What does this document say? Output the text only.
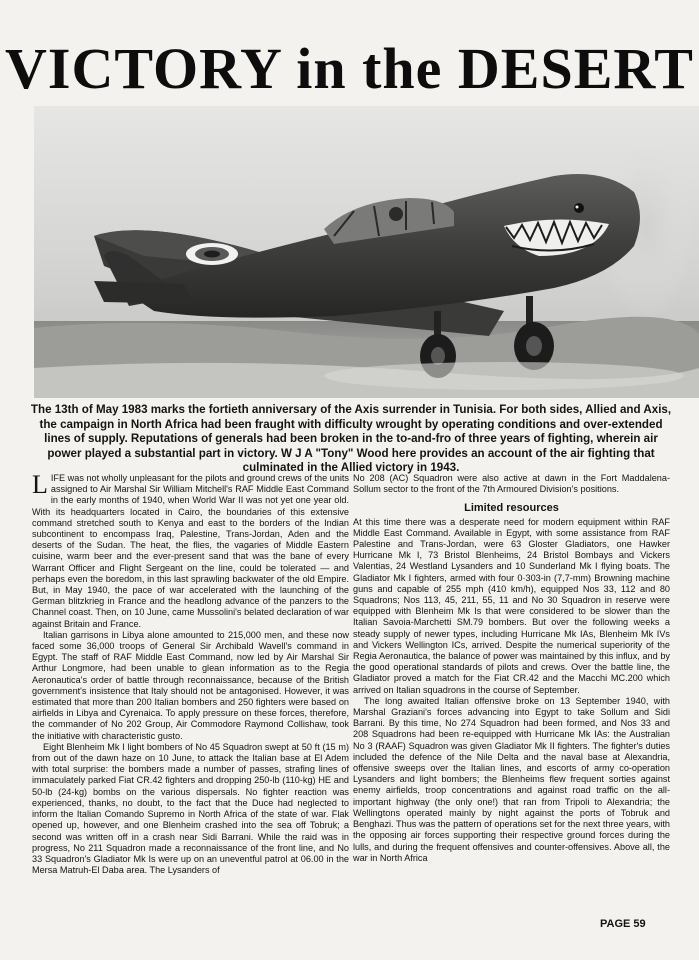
VICTORY in the DESERT

The 13th of May 1983 marks the fortieth anniversary of the Axis surrender in Tunisia. For both sides, Allied and Axis, the campaign in North Africa had been fraught with difficulty wrought by operating conditions and over-extended lines of supply. Reputations of generals had been broken in the to-and-fro of three years of fighting, wherein air power played a substantial part in victory. W J A "Tony" Wood here provides an account of the air fighting that culminated in the Allied victory in 1943.

LIFE was not wholly unpleasant for the pilots and ground crews of the units assigned to Air Marshal Sir William Mitchell's RAF Middle East Command in the early months of 1940, when World War II was not yet one year old. With its headquarters located in Cairo, the boundaries of this extensive command stretched south to Kenya and east to the borders of the Indian subcontinent to encompass Iraq, Palestine, Trans-Jordan, Aden and the deserts of the Sudan. The heat, the flies, the vagaries of Middle Eastern cuisine, warm beer and the ever-present sand that was the bane of every Warrant Officer and Flight Sergeant on the line, could be tolerated — and perhaps even the boredom, in this last sprawling backwater of the old Empire. But, in May 1940, the pace of war accelerated with the launching of the German blitzkrieg in France and the headlong advance of the panzers to the Channel coast. Then, on 10 June, came Mussolini's belated declaration of war against Britain and France.

Italian garrisons in Libya alone amounted to 215,000 men, and these now faced some 36,000 troops of General Sir Archibald Wavell's command in Egypt. The staff of RAF Middle East Command, now led by Air Marshal Sir Arthur Longmore, had been unable to glean information as to the Regia Aeronautica's order of battle through reconnaissance, because of the British government's insistence that Italy should not be antagonised. However, it was estimated that more than 200 Italian bombers and 250 fighters were based on airfields in Libya and Cyrenaica. To apply pressure on these forces, therefore, the commander of No 202 Group, Air Commodore Raymond Collishaw, took the initiative with characteristic gusto.

Eight Blenheim Mk I light bombers of No 45 Squadron swept at 50 ft (15 m) from out of the dawn haze on 10 June, to attack the Italian base at El Adem with total surprise: the bombers made a number of passes, strafing lines of immaculately parked Fiat CR.42 fighters and dropping 250-lb (110-kg) HE and 50-lb (24-kg) bombs on the various dispersals. No fighter reaction was experienced, thanks, no doubt, to the fact that the Duce had neglected to inform the Italian Comando Supremo in North Africa of the state of war. Flak opened up, however, and one Blenheim crashed into the sea off Tobruk; a second was written off in a crash near Sidi Barrani. While the raid was in progress, No 211 Squadron made a reconnaissance of the front line, and No 33 Squadron's Gladiator Mk Is were up on an uneventful patrol at 06.00 in the Mersa Matruh-El Daba area. The Lysanders of

No 208 (AC) Squadron were also active at dawn in the Fort Maddalena-Sollum sector to the front of the 7th Armoured Division's positions.

Limited resources

At this time there was a desperate need for modern equipment within RAF Middle East Command. Available in Egypt, with some assistance from RAF Palestine and Trans-Jordan, were 63 Gloster Gladiators, one Hawker Hurricane Mk I, 73 Bristol Blenheims, 24 Bristol Bombays and Vickers Valentias, 24 Westland Lysanders and 10 Sunderland Mk I flying boats. The Gladiator Mk I fighters, armed with four 0·303-in (7,7-mm) Browning machine guns and capable of 255 mph (410 km/h), equipped Nos 33, 112 and 80 Squadrons; Nos 113, 45, 211, 55, 11 and No 30 Squadron in reserve were equipped with Blenheim Mk Is that were considered to be slower than the Italian Savoia-Marchetti SM.79 bombers. But over the following weeks a steady supply of newer types, including Hurricane Mk IAs, Blenheim Mk IVs and Vickers Wellington ICs, arrived. Despite the numerical superiority of the Regia Aeronautica, the balance of power was maintained by this influx, and by the good operational standards of pilots and crews. Over the battle line, the Gladiator proved a match for the Fiat CR.42 and the Macchi MC.200 which arrived on Italian squadrons in the course of September.

The long awaited Italian offensive broke on 13 September 1940, with Marshal Graziani's forces advancing into Egypt to take Sollum and Sidi Barrani. By this time, No 274 Squadron had been formed, and Nos 33 and 208 Squadrons had been re-equipped with Hurricane Mk IAs: the Australian No 3 (RAAF) Squadron was given Gladiator Mk II fighters. The fighter's duties included the defence of the Nile Delta and the naval base at Alexandria, offensive sweeps over the Italian lines, and escorts of army co-operation Lysanders and light bombers; the Blenheims flew frequent sorties against enemy airfields, troop concentrations and against road traffic on the all-important highway (the only one!) that ran from Tripoli to Alexandria; the Wellingtons operated mainly by night against the ports of Tobruk and Benghazi. Thus was the pattern of operations set for the next three years, with the opposing air forces supporting their respective ground forces during the lulls, and during the frequent offensives and counter-offensives. Above all, the war in North Africa

PAGE 59
